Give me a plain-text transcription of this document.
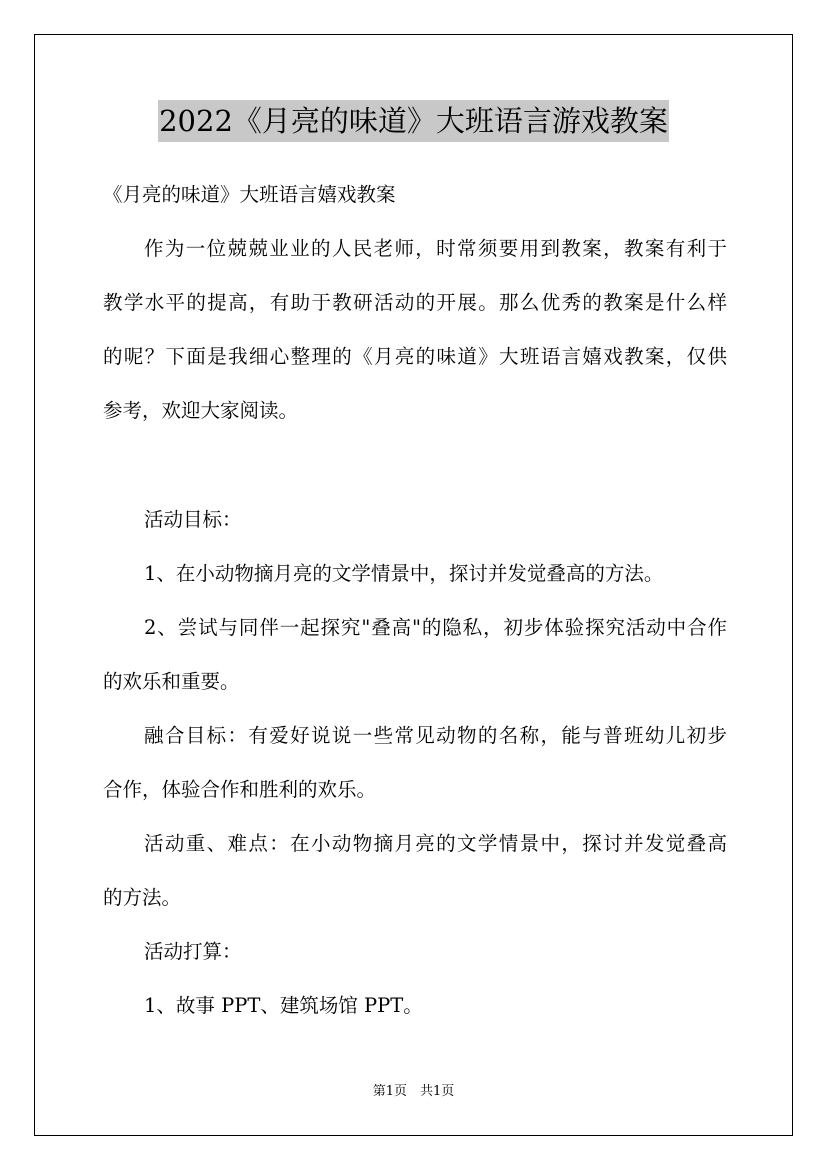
2022《月亮的味道》大班语言游戏教案
《月亮的味道》大班语言嬉戏教案
作为一位兢兢业业的人民老师，时常须要用到教案，教案有利于
教学水平的提高，有助于教研活动的开展。那么优秀的教案是什么样
的呢？下面是我细心整理的《月亮的味道》大班语言嬉戏教案，仅供
参考，欢迎大家阅读。
活动目标：
1、在小动物摘月亮的文学情景中，探讨并发觉叠高的方法。
2、尝试与同伴一起探究"叠高"的隐私，初步体验探究活动中合作
的欢乐和重要。
融合目标：有爱好说说一些常见动物的名称，能与普班幼儿初步
合作，体验合作和胜利的欢乐。
活动重、难点：在小动物摘月亮的文学情景中，探讨并发觉叠高
的方法。
活动打算：
1、故事 PPT、建筑场馆 PPT。
第1页　共1页
